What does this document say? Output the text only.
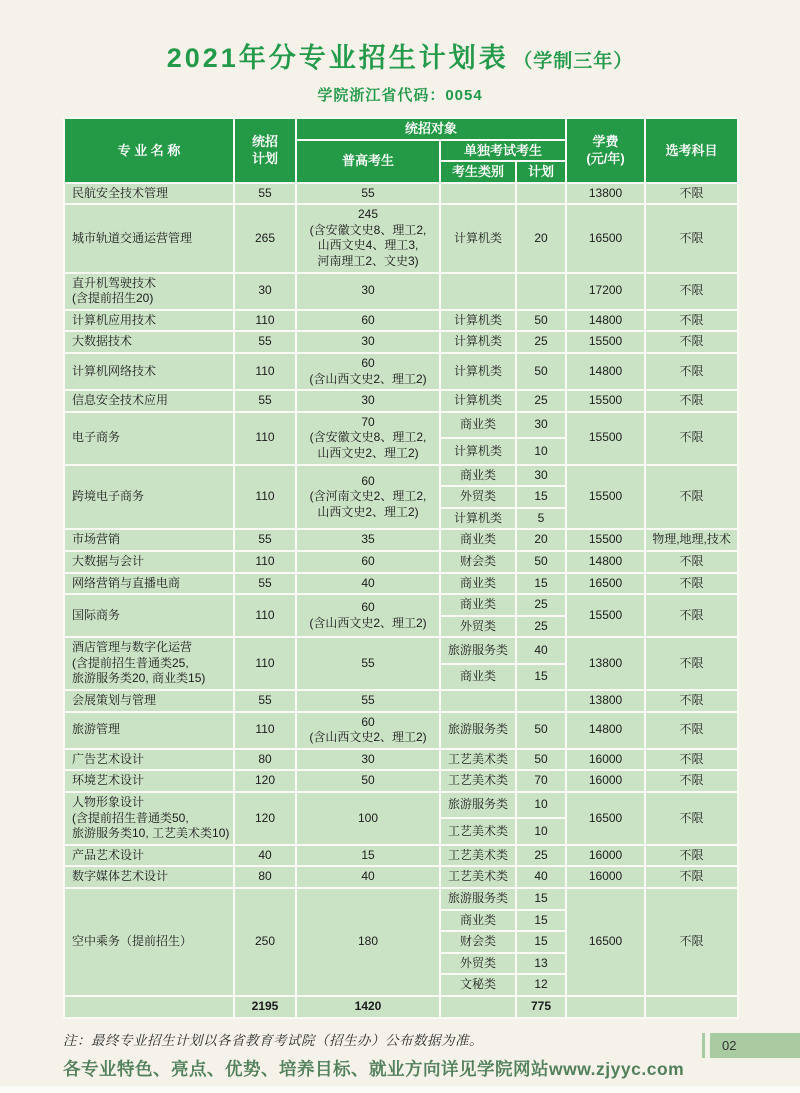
2021年分专业招生计划表 （学制三年）
学院浙江省代码：0054
专 业 名 称	
统招
计划
	统招对象	
学费
(元/年)
	选考科目
		普高考生	单独考试考生			
			考生类别	计划		
民航安全技术管理	55	55			13800	不限
城市轨道交通运营管理	265	245
(含安徽文史8、理工2,
山西文史4、理工3,
河南理工2、文史3)	计算机类	20	16500	不限
直升机驾驶技术
(含提前招生20)	30	30			17200	不限
计算机应用技术	110	60	计算机类	50	14800	不限
大数据技术	55	30	计算机类	25	15500	不限
计算机网络技术	110	60
(含山西文史2、理工2)	计算机类	50	14800	不限
信息安全技术应用	55	30	计算机类	25	15500	不限
电子商务	110	70
(含安徽文史8、理工2,
山西文史2、理工2)	商业类	30	15500	不限
			计算机类	10		
跨境电子商务	110	60
(含河南文史2、理工2,
山西文史2、理工2)	商业类	30	15500	不限
			外贸类	15		
			计算机类	5		
市场营销	55	35	商业类	20	15500	物理,地理,技术
大数据与会计	110	60	财会类	50	14800	不限
网络营销与直播电商	55	40	商业类	15	16500	不限
国际商务	110	60
(含山西文史2、理工2)	商业类	25	15500	不限
			外贸类	25		
酒店管理与数字化运营
(含提前招生普通类25,
旅游服务类20, 商业类15)	110	55	旅游服务类	40	13800	不限
			商业类	15		
会展策划与管理	55	55			13800	不限
旅游管理	110	60
(含山西文史2、理工2)	旅游服务类	50	14800	不限
广告艺术设计	80	30	工艺美术类	50	16000	不限
环境艺术设计	120	50	工艺美术类	70	16000	不限
人物形象设计
(含提前招生普通类50,
旅游服务类10, 工艺美术类10)	120	100	旅游服务类	10	16500	不限
			工艺美术类	10		
产品艺术设计	40	15	工艺美术类	25	16000	不限
数字媒体艺术设计	80	40	工艺美术类	40	16000	不限
空中乘务（提前招生）	250	180	旅游服务类	15	16500	不限
			商业类	15		
			财会类	15		
			外贸类	13		
			文秘类	12		
	2195	1420		775		
注：最终专业招生计划以各省教育考试院（招生办）公布数据为准。
各专业特色、亮点、优势、培养目标、就业方向详见学院网站www.zjyyc.com
02
